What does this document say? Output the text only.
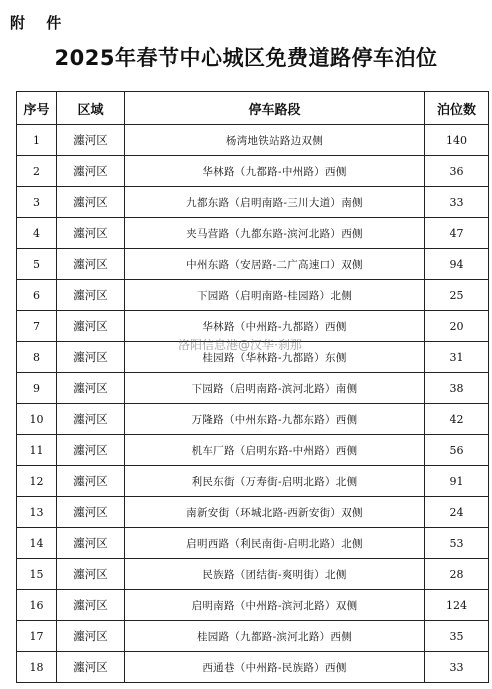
附 件
2025年春节中心城区免费道路停车泊位
序号	区域	停车路段	泊位数
1	瀍河区	杨湾地铁站路边双侧	140
2	瀍河区	华林路（九都路-中州路）西侧	36
3	瀍河区	九都东路（启明南路-三川大道）南侧	33
4	瀍河区	夹马营路（九都东路-滨河北路）西侧	47
5	瀍河区	中州东路（安居路-二广高速口）双侧	94
6	瀍河区	下园路（启明南路-桂园路）北侧	25
7	瀍河区	华林路（中州路-九都路）西侧	20
8	瀍河区	桂园路（华林路-九都路）东侧	31
9	瀍河区	下园路（启明南路-滨河北路）南侧	38
10	瀍河区	万隆路（中州东路-九都东路）西侧	42
11	瀍河区	机车厂路（启明东路-中州路）西侧	56
12	瀍河区	利民东街（万寿街-启明北路）北侧	91
13	瀍河区	南新安街（环城北路-西新安街）双侧	24
14	瀍河区	启明西路（利民南街-启明北路）北侧	53
15	瀍河区	民族路（团结街-爽明街）北侧	28
16	瀍河区	启明南路（中州路-滨河北路）双侧	124
17	瀍河区	桂园路（九都路-滨河北路）西侧	35
18	瀍河区	西通巷（中州路-民族路）西侧	33
洛阳信息港@汉华·刹那
